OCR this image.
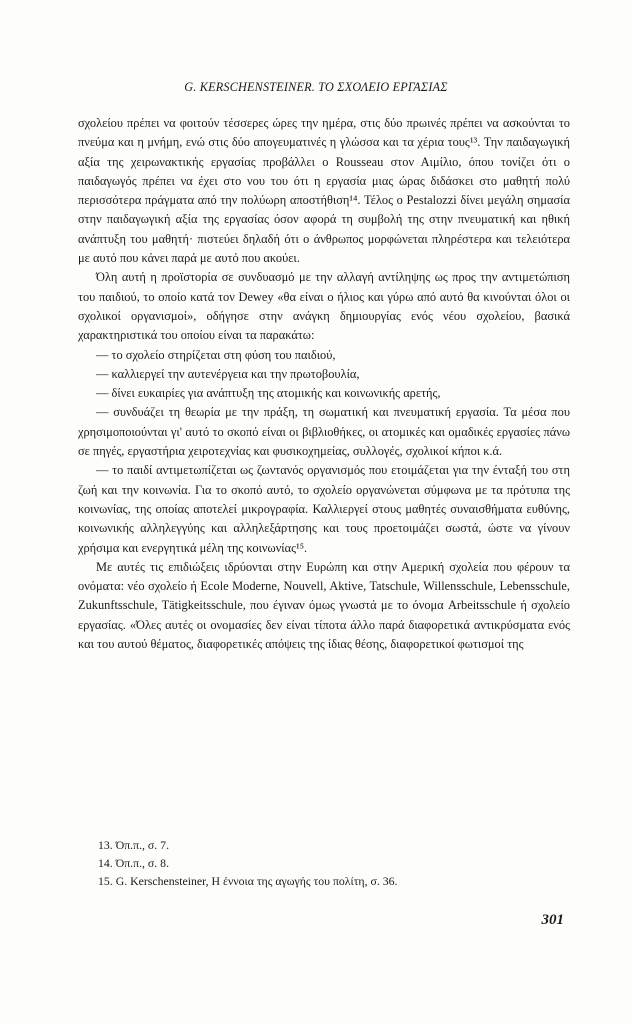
G. KERSCHENSTEINER. ΤΟ ΣΧΟΛΕΙΟ ΕΡΓΑΣΙΑΣ

σχολείου πρέπει να φοιτούν τέσσερες ώρες την ημέρα, στις δύο πρωινές πρέπει να ασκούνται το πνεύμα και η μνήμη, ενώ στις δύο απογευματινές η γλώσσα και τα χέρια τους¹³. Την παιδαγωγική αξία της χειρωνακτικής εργασίας προβάλλει ο Rousseau στον Αιμίλιο, όπου τονίζει ότι ο παιδαγωγός πρέπει να έχει στο νου του ότι η εργασία μιας ώρας διδάσκει στο μαθητή πολύ περισσότερα πράγματα από την πολύωρη αποστήθιση¹⁴. Τέλος ο Pestalozzi δίνει μεγάλη σημασία στην παιδαγωγική αξία της εργασίας όσον αφορά τη συμβολή της στην πνευματική και ηθική ανάπτυξη του μαθητή· πιστεύει δηλαδή ότι ο άνθρωπος μορφώνεται πληρέστερα και τελειότερα με αυτό που κάνει παρά με αυτό που ακούει.

Όλη αυτή η προϊστορία σε συνδυασμό με την αλλαγή αντίληψης ως προς την αντιμετώπιση του παιδιού, το οποίο κατά τον Dewey «θα είναι ο ήλιος και γύρω από αυτό θα κινούνται όλοι οι σχολικοί οργανισμοί», οδήγησε στην ανάγκη δημιουργίας ενός νέου σχολείου, βασικά χαρακτηριστικά του οποίου είναι τα παρακάτω:

— το σχολείο στηρίζεται στη φύση του παιδιού,

— καλλιεργεί την αυτενέργεια και την πρωτοβουλία,

— δίνει ευκαιρίες για ανάπτυξη της ατομικής και κοινωνικής αρετής,

— συνδυάζει τη θεωρία με την πράξη, τη σωματική και πνευματική εργασία. Τα μέσα που χρησιμοποιούνται γι' αυτό το σκοπό είναι οι βιβλιοθήκες, οι ατομικές και ομαδικές εργασίες πάνω σε πηγές, εργαστήρια χειροτεχνίας και φυσικοχημείας, συλλογές, σχολικοί κήποι κ.ά.

— το παιδί αντιμετωπίζεται ως ζωντανός οργανισμός που ετοιμάζεται για την ένταξή του στη ζωή και την κοινωνία. Για το σκοπό αυτό, το σχολείο οργανώνεται σύμφωνα με τα πρότυπα της κοινωνίας, της οποίας αποτελεί μικρογραφία. Καλλιεργεί στους μαθητές συναισθήματα ευθύνης, κοινωνικής αλληλεγγύης και αλληλεξάρτησης και τους προετοιμάζει σωστά, ώστε να γίνουν χρήσιμα και ενεργητικά μέλη της κοινωνίας¹⁵.

Με αυτές τις επιδιώξεις ιδρύονται στην Ευρώπη και στην Αμερική σχολεία που φέρουν τα ονόματα: νέο σχολείο ή Ecole Moderne, Nouvell, Aktive, Tatschule, Willensschule, Lebensschule, Zukunftsschule, Tätigkeitsschule, που έγιναν όμως γνωστά με το όνομα Arbeitsschule ή σχολείο εργασίας. «Όλες αυτές οι ονομασίες δεν είναι τίποτα άλλο παρά διαφορετικά αντικρύσματα ενός και του αυτού θέματος, διαφορετικές απόψεις της ίδιας θέσης, διαφορετικοί φωτισμοί της

13. Όπ.π., σ. 7.
14. Όπ.π., σ. 8.
15. G. Kerschensteiner, Η έννοια της αγωγής του πολίτη, σ. 36.
301
